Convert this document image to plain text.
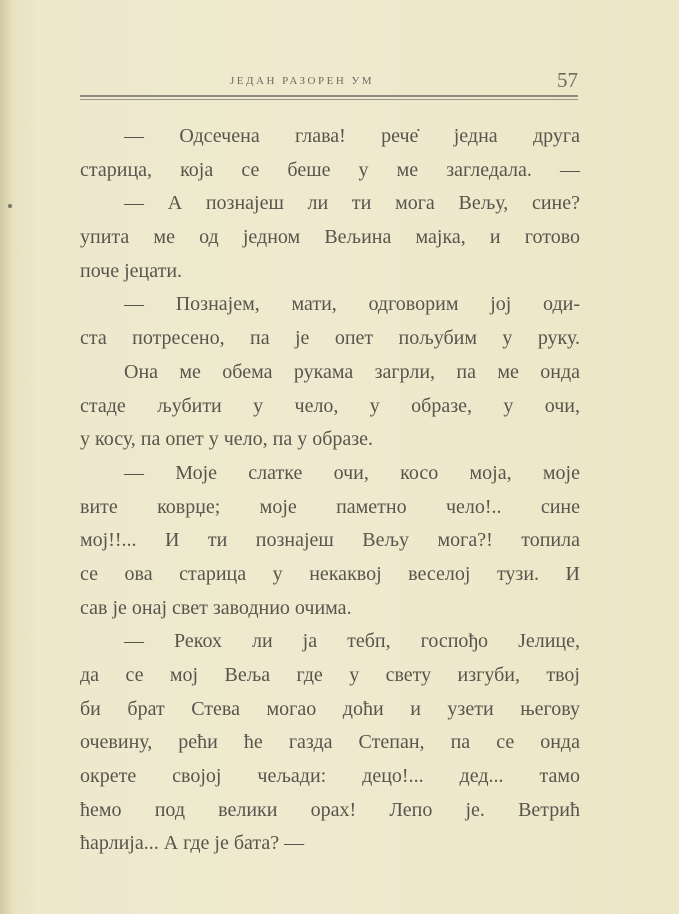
ЈЕДАН РАЗОРЕН УМ	57
— Одсечена глава! рече̇ једна друга
старица, која се беше у ме загледала. —
— А познајеш ли ти мога Вељу, сине?
упита ме од једном Вељина мајка, и готово
поче јецати.
— Познајем, мати, одговорим јој оди-
ста потресено, па је опет пољубим у руку.
Она ме обема рукама загрли, па ме онда
стаде љубити у чело, у образе, у очи,
у косу, па опет у чело, па у образе.
— Моје слатке очи, косо моја, моје
вите коврџе; моје паметно чело!.. сине
мој!!... И ти познајеш Вељу мога?! топила
се ова старица у некаквој веселој тузи. И
сав је онај свет заводнио очима.
— Рекох ли ја тебп, госпођо Јелице,
да се мој Веља где у свету изгуби, твој
би брат Стева могао доћи и узети његову
очевину, рећи ће газда Степан, па се онда
окрете својој чељади: децо!... дед... тамо
ћемо под велики орах! Лепо је. Ветрић
ћарлија... А где је бата? —
